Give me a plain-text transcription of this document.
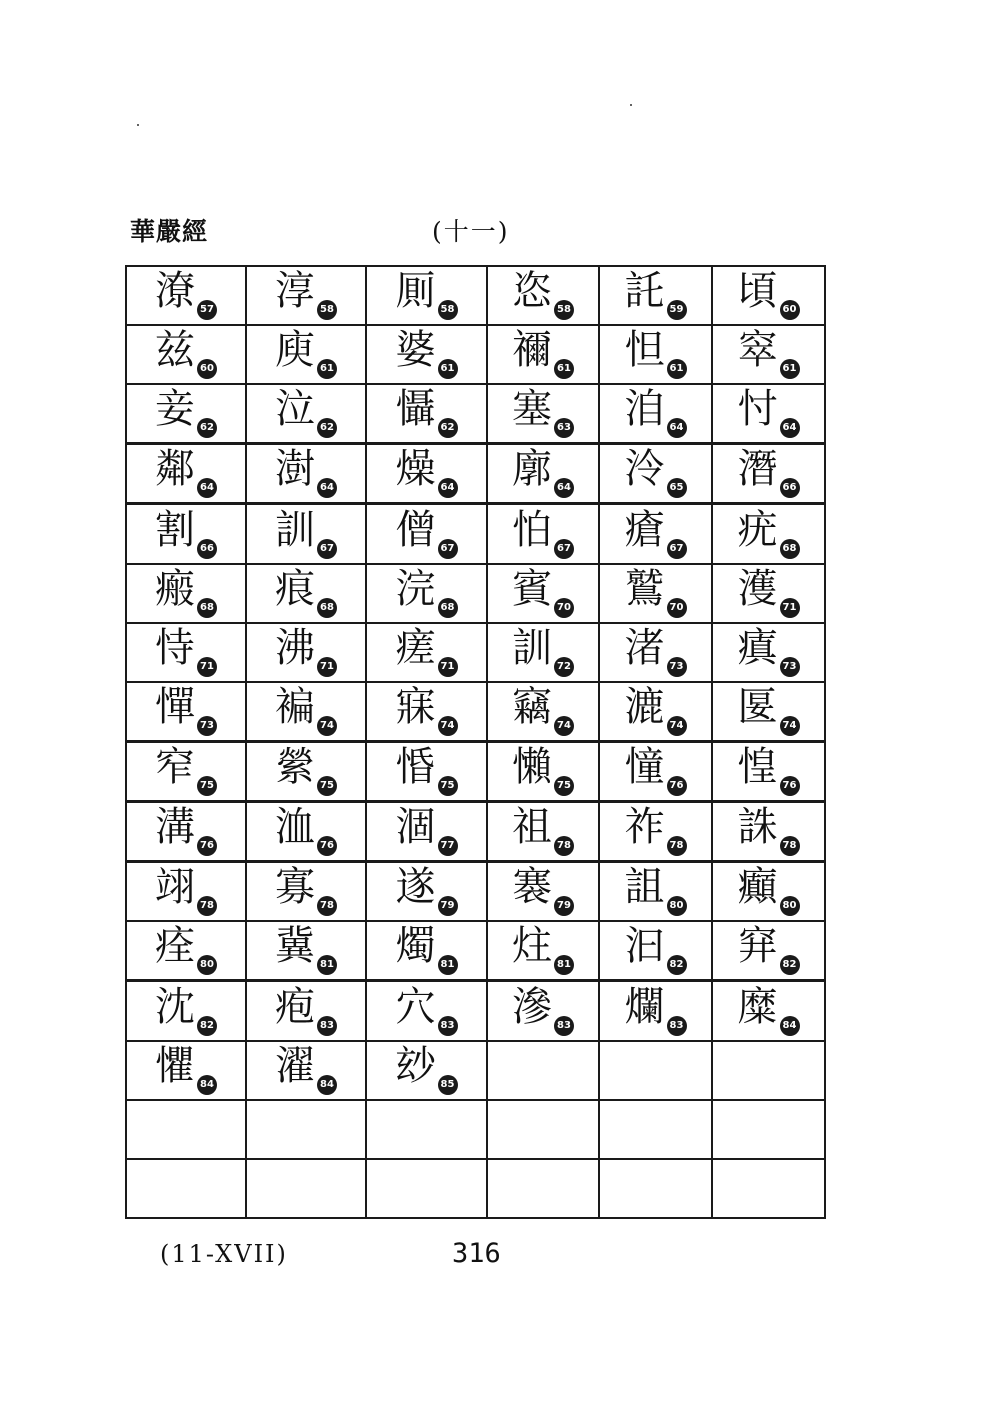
華嚴經	(十一)
潦 57	淳 58	厠 58	恣 58	託 59	頃 60
兹 60	庾 61	婆 61	禰 61	怛 61	窣 61
妾 62	泣 62	懾 62	塞 63	洎 64	忖 64
鄰 64	澍 64	燥 64	廓 64	泠 65	潛 66
割 66	訓 67	僧 67	怕 67	瘡 67	疣 68
瘢 68	痕 68	浣 68	賓 70	鷲 70	濩 71
恃 71	沸 71	瘥 71	訓 72	渚 73	瘨 73
憚 73	褊 74	寐 74	竊 74	漉 74	匽 74
窄 75	縈 75	惛 75	懶 75	憧 76	惶 76
溝 76	洫 76	涸 77	祖 78	祚 78	誅 78
翊 78	寡 78	遂 79	褰 79	詛 80	癲 80
痊 80	冀 81	燭 81	炷 81	汩 82	穽 82
沈 82	疱 83	穴 83	滲 83	爛 83	糜 84
懼 84	濯 84	玅 85			

(11-XVII)	316
